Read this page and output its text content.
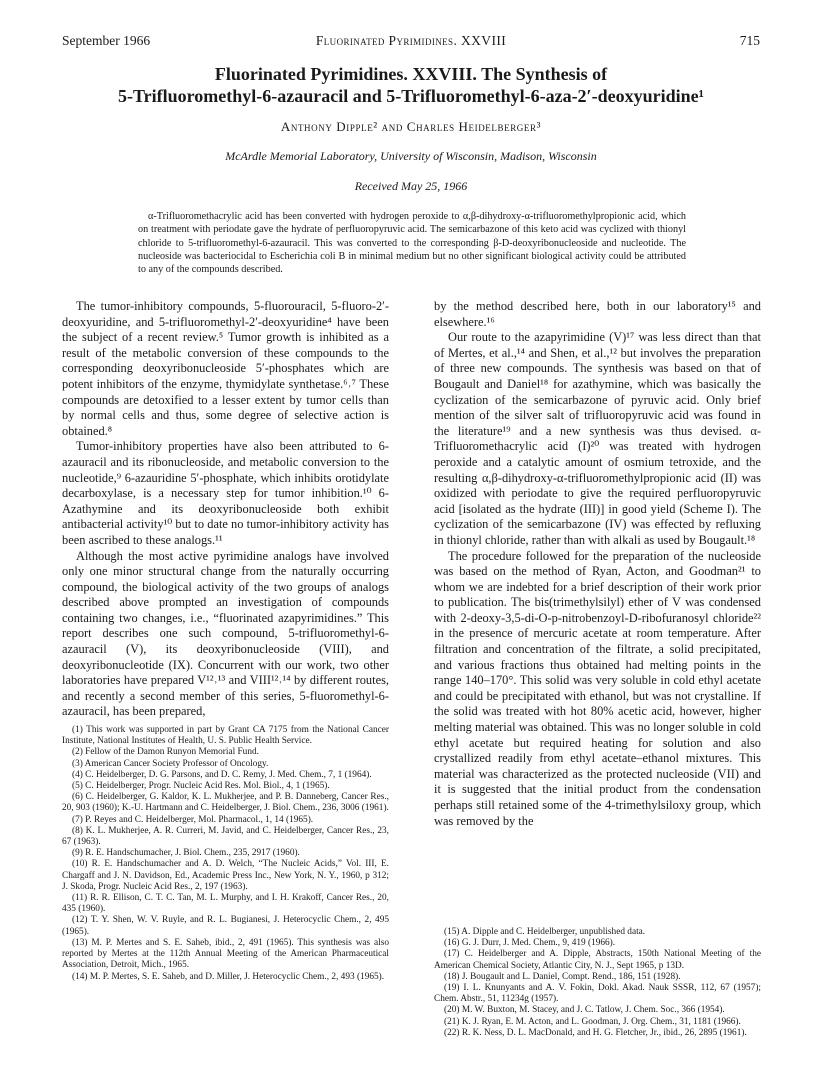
September 1966	Fluorinated Pyrimidines. XXVIII	715
Fluorinated Pyrimidines. XXVIII. The Synthesis of
5-Trifluoromethyl-6-azauracil and 5-Trifluoromethyl-6-aza-2′-deoxyuridine¹
Anthony Dipple² and Charles Heidelberger³
McArdle Memorial Laboratory, University of Wisconsin, Madison, Wisconsin
Received May 25, 1966
α-Trifluoromethacrylic acid has been converted with hydrogen peroxide to α,β-dihydroxy-α-trifluoromethylpropionic acid, which on treatment with periodate gave the hydrate of perfluoropyruvic acid. The semicarbazone of this keto acid was cyclized with thionyl chloride to 5-trifluoromethyl-6-azauracil. This was converted to the corresponding β-D-deoxyribonucleoside and nucleotide. The nucleoside was bacteriocidal to Escherichia coli B in minimal medium but no other significant biological activity could be attributed to any of the compounds described.

The tumor-inhibitory compounds, 5-fluorouracil, 5-fluoro-2′-deoxyuridine, and 5-trifluoromethyl-2′-deoxyuridine⁴ have been the subject of a recent review.⁵ Tumor growth is inhibited as a result of the metabolic conversion of these compounds to the corresponding deoxyribonucleoside 5′-phosphates which are potent inhibitors of the enzyme, thymidylate synthetase.⁶˒⁷ These compounds are detoxified to a lesser extent by tumor cells than by normal cells and thus, some degree of selective action is obtained.⁸

Tumor-inhibitory properties have also been attributed to 6-azauracil and its ribonucleoside, and metabolic conversion to the nucleotide,⁹ 6-azauridine 5′-phosphate, which inhibits orotidylate decarboxylase, is a necessary step for tumor inhibition.¹⁰ 6-Azathymine and its deoxyribonucleoside both exhibit antibacterial activity¹⁰ but to date no tumor-inhibitory activity has been ascribed to these analogs.¹¹

Although the most active pyrimidine analogs have involved only one minor structural change from the naturally occurring compound, the biological activity of the two groups of analogs described above prompted an investigation of compounds containing two changes, i.e., “fluorinated azapyrimidines.” This report describes one such compound, 5-trifluoromethyl-6-azauracil (V), its deoxyribonucleoside (VIII), and deoxyribonucleotide (IX). Concurrent with our work, two other laboratories have prepared V¹²˒¹³ and VIII¹²˒¹⁴ by different routes, and recently a second member of this series, 5-fluoromethyl-6-azauracil, has been prepared,

(1) This work was supported in part by Grant CA 7175 from the National Cancer Institute, National Institutes of Health, U. S. Public Health Service.
(2) Fellow of the Damon Runyon Memorial Fund.
(3) American Cancer Society Professor of Oncology.
(4) C. Heidelberger, D. G. Parsons, and D. C. Remy, J. Med. Chem., 7, 1 (1964).
(5) C. Heidelberger, Progr. Nucleic Acid Res. Mol. Biol., 4, 1 (1965).
(6) C. Heidelberger, G. Kaldor, K. L. Mukherjee, and P. B. Danneberg, Cancer Res., 20, 903 (1960); K.-U. Hartmann and C. Heidelberger, J. Biol. Chem., 236, 3006 (1961).
(7) P. Reyes and C. Heidelberger, Mol. Pharmacol., 1, 14 (1965).
(8) K. L. Mukherjee, A. R. Curreri, M. Javid, and C. Heidelberger, Cancer Res., 23, 67 (1963).
(9) R. E. Handschumacher, J. Biol. Chem., 235, 2917 (1960).
(10) R. E. Handschumacher and A. D. Welch, “The Nucleic Acids,” Vol. III, E. Chargaff and J. N. Davidson, Ed., Academic Press Inc., New York, N. Y., 1960, p 312; J. Skoda, Progr. Nucleic Acid Res., 2, 197 (1963).
(11) R. R. Ellison, C. T. C. Tan, M. L. Murphy, and I. H. Krakoff, Cancer Res., 20, 435 (1960).
(12) T. Y. Shen, W. V. Ruyle, and R. L. Bugianesi, J. Heterocyclic Chem., 2, 495 (1965).
(13) M. P. Mertes and S. E. Saheb, ibid., 2, 491 (1965). This synthesis was also reported by Mertes at the 112th Annual Meeting of the American Pharmaceutical Association, Detroit, Mich., 1965.
(14) M. P. Mertes, S. E. Saheb, and D. Miller, J. Heterocyclic Chem., 2, 493 (1965).

by the method described here, both in our laboratory¹⁵ and elsewhere.¹⁶

Our route to the azapyrimidine (V)¹⁷ was less direct than that of Mertes, et al.,¹⁴ and Shen, et al.,¹² but involves the preparation of three new compounds. The synthesis was based on that of Bougault and Daniel¹⁸ for azathymine, which was basically the cyclization of the semicarbazone of pyruvic acid. Only brief mention of the silver salt of trifluoropyruvic acid was found in the literature¹⁹ and a new synthesis was thus devised. α-Trifluoromethacrylic acid (I)²⁰ was treated with hydrogen peroxide and a catalytic amount of osmium tetroxide, and the resulting α,β-dihydroxy-α-trifluoromethylpropionic acid (II) was oxidized with periodate to give the required perfluoropyruvic acid [isolated as the hydrate (III)] in good yield (Scheme I). The cyclization of the semicarbazone (IV) was effected by refluxing in thionyl chloride, rather than with alkali as used by Bougault.¹⁸

The procedure followed for the preparation of the nucleoside was based on the method of Ryan, Acton, and Goodman²¹ to whom we are indebted for a brief description of their work prior to publication. The bis(trimethylsilyl) ether of V was condensed with 2-deoxy-3,5-di-O-p-nitrobenzoyl-D-ribofuranosyl chloride²² in the presence of mercuric acetate at room temperature. After filtration and concentration of the filtrate, a solid precipitated, and various fractions thus obtained had melting points in the range 140–170°. This solid was very soluble in cold ethyl acetate and could be precipitated with ethanol, but was not crystalline. If the solid was treated with hot 80% acetic acid, however, higher melting material was obtained. This was no longer soluble in cold ethyl acetate but required heating for solution and also crystallized readily from ethyl acetate–ethanol mixtures. This material was characterized as the protected nucleoside (VII) and it is suggested that the initial product from the condensation perhaps still retained some of the 4-trimethylsiloxy group, which was removed by the

(15) A. Dipple and C. Heidelberger, unpublished data.
(16) G. J. Durr, J. Med. Chem., 9, 419 (1966).
(17) C. Heidelberger and A. Dipple, Abstracts, 150th National Meeting of the American Chemical Society, Atlantic City, N. J., Sept 1965, p 13D.
(18) J. Bougault and L. Daniel, Compt. Rend., 186, 151 (1928).
(19) I. L. Knunyants and A. V. Fokin, Dokl. Akad. Nauk SSSR, 112, 67 (1957); Chem. Abstr., 51, 11234g (1957).
(20) M. W. Buxton, M. Stacey, and J. C. Tatlow, J. Chem. Soc., 366 (1954).
(21) K. J. Ryan, E. M. Acton, and L. Goodman, J. Org. Chem., 31, 1181 (1966).
(22) R. K. Ness, D. L. MacDonald, and H. G. Fletcher, Jr., ibid., 26, 2895 (1961).
